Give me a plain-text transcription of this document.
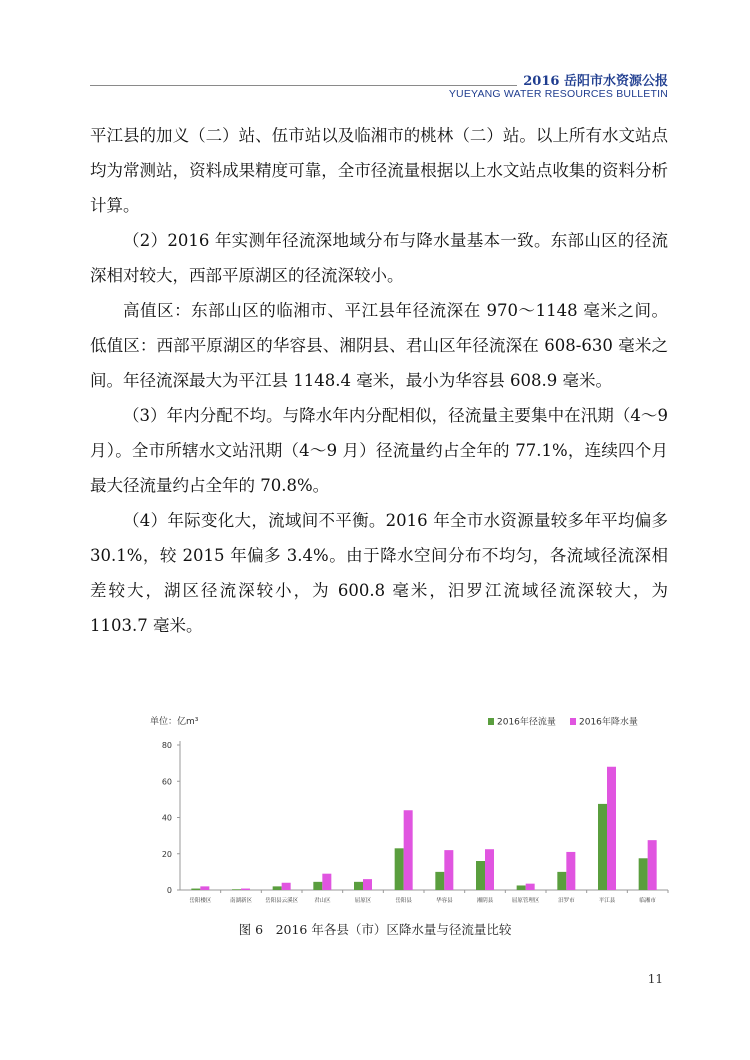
2016 岳阳市水资源公报
YUEYANG WATER RESOURCES BULLETIN

平江县的加义（二）站、伍市站以及临湘市的桃林（二）站。以上所有水文站点均为常测站，资料成果精度可靠，全市径流量根据以上水文站点收集的资料分析计算。

（2）2016 年实测年径流深地域分布与降水量基本一致。东部山区的径流深相对较大，西部平原湖区的径流深较小。

高值区：东部山区的临湘市、平江县年径流深在 970～1148 毫米之间。低值区：西部平原湖区的华容县、湘阴县、君山区年径流深在 608-630 毫米之间。年径流深最大为平江县 1148.4 毫米，最小为华容县 608.9 毫米。

（3）年内分配不均。与降水年内分配相似，径流量主要集中在汛期（4～9 月）。全市所辖水文站汛期（4～9 月）径流量约占全年的 77.1%，连续四个月最大径流量约占全年的 70.8%。

（4）年际变化大，流域间不平衡。2016 年全市水资源量较多年平均偏多 30.1%，较 2015 年偏多 3.4%。由于降水空间分布不均匀，各流域径流深相差较大，湖区径流深较小，为 600.8 毫米，汨罗江流域径流深较大，为 1103.7 毫米。

单位：亿m³
0
20
40
60
80
岳阳楼区	南湖新区 岳阳县云溪区	君山区	屈原区	岳阳县	华容县	湘阴县	屈原管理区	汨罗市	平江县	临湘市
2016年径流量	2016年降水量
图 6　2016 年各县（市）区降水量与径流量比较
11
